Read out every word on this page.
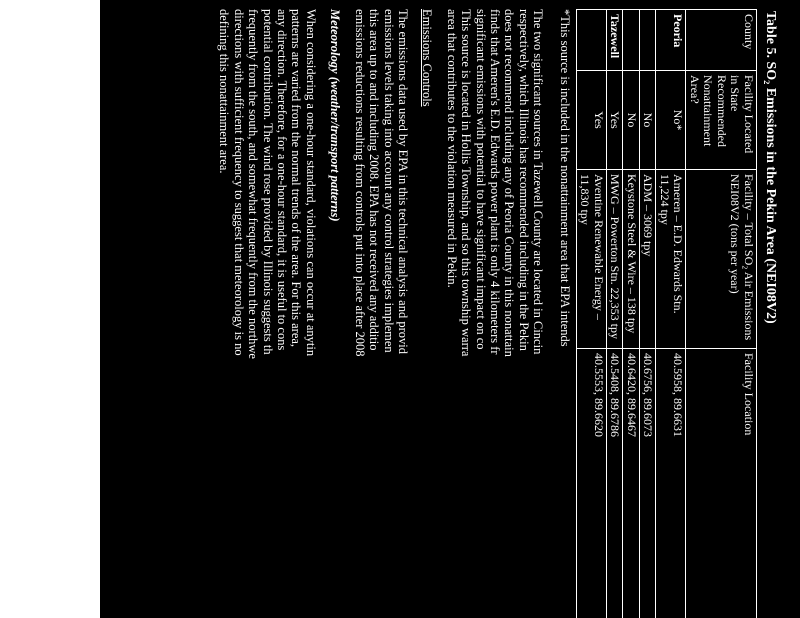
Table 5. SO₂ Emissions in the Pekin Area (NEI08V2)
County	Facility Located in State Recommended Nonattainment Area?	Facility – Total SO₂ Air Emissions NEI08V2 (tons per year)	Facility Location
Peoria	No*	Ameren – E.D. Edwards Stn. 11,224 tpy	40.5958, 89.6631
	No	ADM – 3069 tpy	40.6756, 89.6073
	No	Keystone Steel & Wire – 138 tpy	40.6420, 89.6467
Tazewell	Yes	MWG – Powerton Stn. 22,353 tpy	40.5408, 89.6786
	Yes	Aventine Renewable Energy – 11,830 tpy	40.5553, 89.6620
*This source is included in the nonattainment area that EPA intends

The two significant sources in Tazewell County are located in Cincin
respectively, which Illinois has recommended including in the Pekin
does not recommend including any of Peoria County in this nonattain
finds that Ameren's E.D. Edwards power plant is only 4 kilometers fr
significant emissions with potential to have significant impact on co
This source is located in Hollis Township, and so this township warra
area that contributes to the violation measured in Pekin.

Emissions Controls

The emissions data used by EPA in this technical analysis and provid
emissions levels taking into account any control strategies implemen
this area up to and including 2008. EPA has not received any additio
emissions reductions resulting from controls put into place after 2008

Meteorology (weather/transport patterns)

When considering a one-hour standard, violations can occur at anytin
patterns are varied from the normal trends of the area. For this area,
any direction. Therefore, for a one-hour standard, it is useful to cons
potential contribution. The wind rose provided by Illinois suggests th
frequently from the south, and somewhat frequently from the northwe
directions with sufficient frequency to suggest that meteorology is no
defining this nonattainment area.
